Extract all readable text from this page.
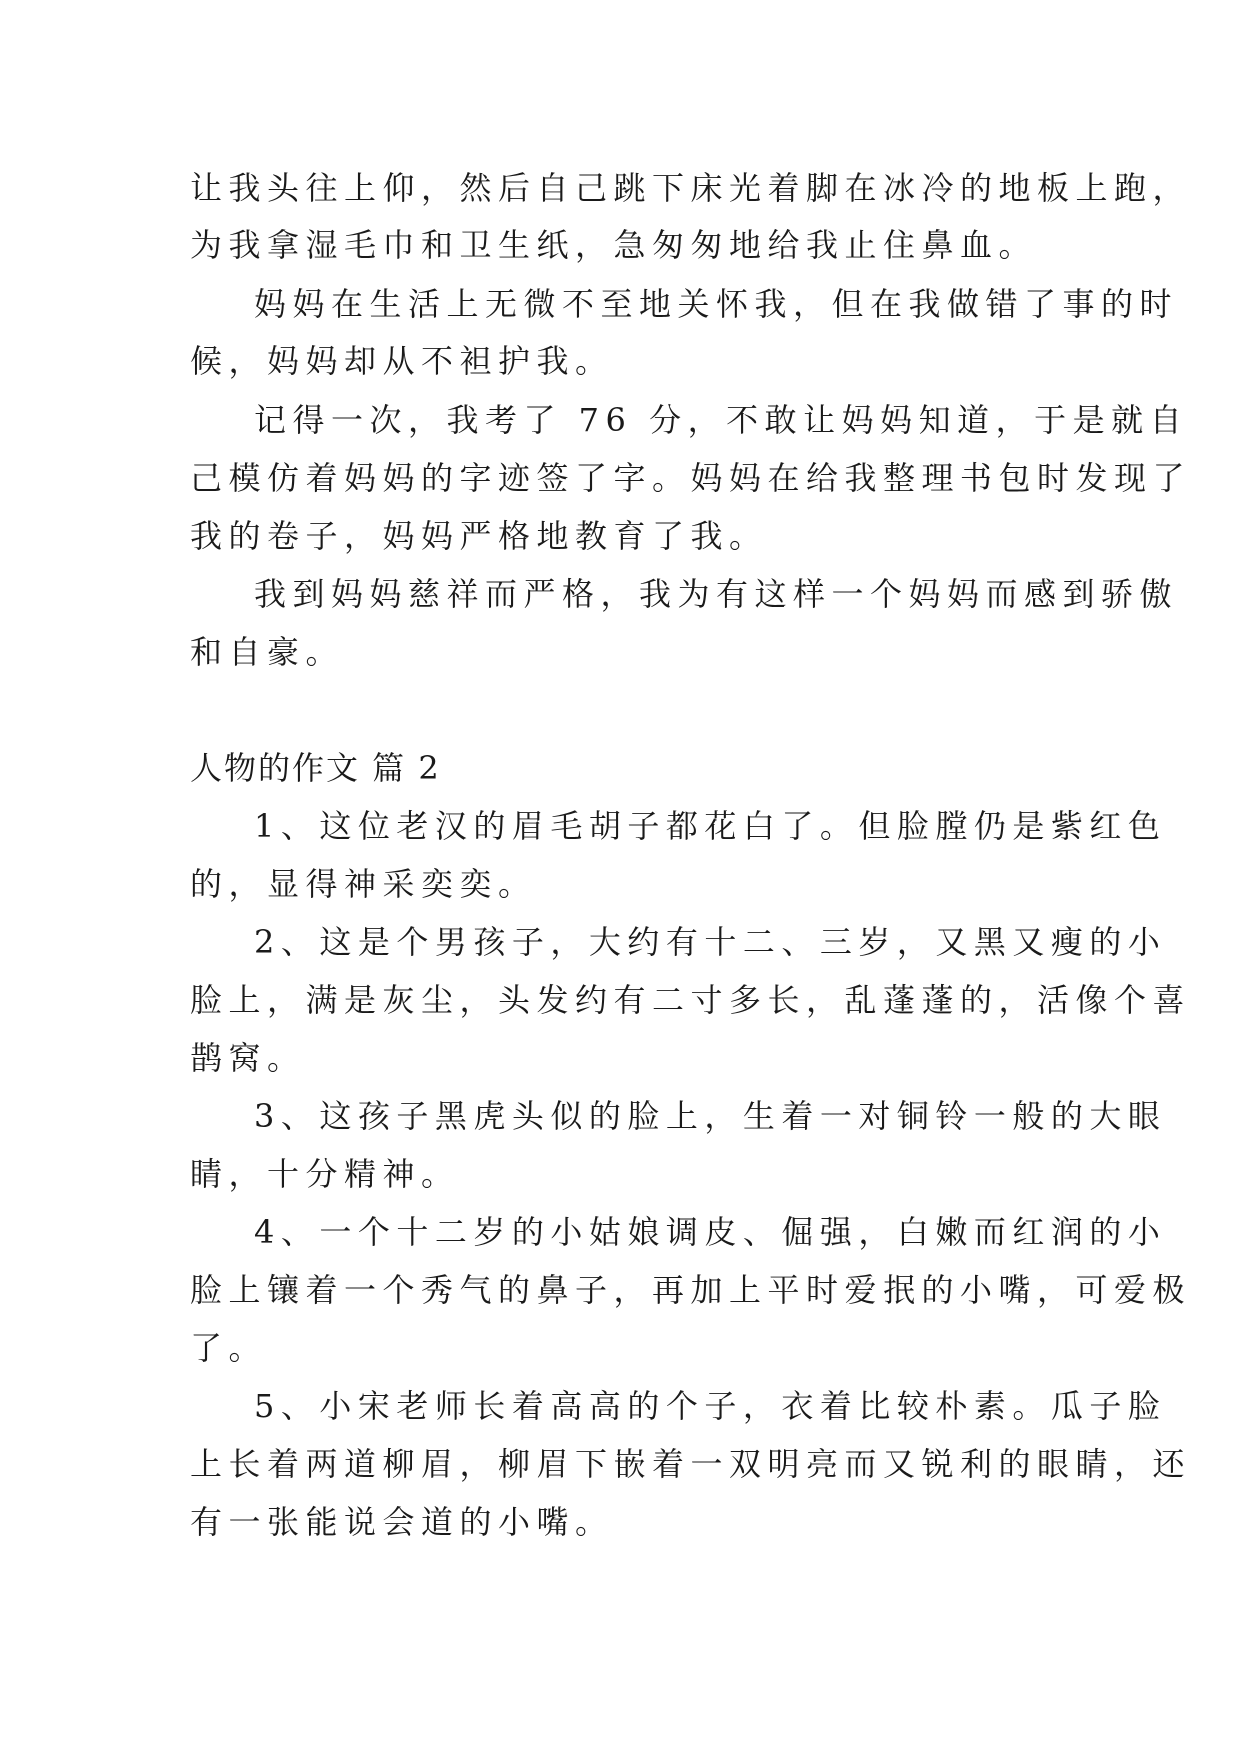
让我头往上仰，然后自己跳下床光着脚在冰冷的地板上跑，
为我拿湿毛巾和卫生纸，急匆匆地给我止住鼻血。
妈妈在生活上无微不至地关怀我，但在我做错了事的时
候，妈妈却从不袒护我。
记得一次，我考了 76 分，不敢让妈妈知道，于是就自
己模仿着妈妈的字迹签了字。妈妈在给我整理书包时发现了
我的卷子，妈妈严格地教育了我。
我到妈妈慈祥而严格，我为有这样一个妈妈而感到骄傲
和自豪。
人物的作文 篇 2
1、这位老汉的眉毛胡子都花白了。但脸膛仍是紫红色
的，显得神采奕奕。
2、这是个男孩子，大约有十二、三岁，又黑又瘦的小
脸上，满是灰尘，头发约有二寸多长，乱蓬蓬的，活像个喜
鹊窝。
3、这孩子黑虎头似的脸上，生着一对铜铃一般的大眼
睛，十分精神。
4、一个十二岁的小姑娘调皮、倔强，白嫩而红润的小
脸上镶着一个秀气的鼻子，再加上平时爱抿的小嘴，可爱极
了。
5、小宋老师长着高高的个子，衣着比较朴素。瓜子脸
上长着两道柳眉，柳眉下嵌着一双明亮而又锐利的眼睛，还
有一张能说会道的小嘴。
